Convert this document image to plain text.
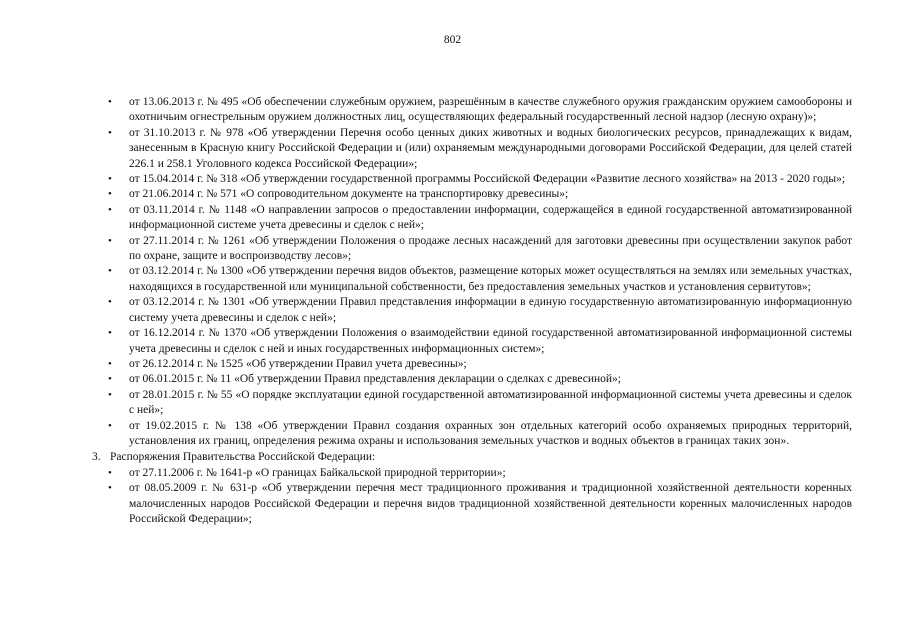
802
• от 13.06.2013 г. № 495 «Об обеспечении служебным оружием, разрешённым в качестве служебного оружия гражданским оружием самообороны и охотничьим огнестрельным оружием должностных лиц, осуществляющих федеральный государственный лесной надзор (лесную охрану)»;
• от 31.10.2013 г. № 978 «Об утверждении Перечня особо ценных диких животных и водных биологических ресурсов, принадлежащих к видам, занесенным в Красную книгу Российской Федерации и (или) охраняемым международными договорами Российской Федерации, для целей статей 226.1 и 258.1 Уголовного кодекса Российской Федерации»;
• от 15.04.2014 г. № 318 «Об утверждении государственной программы Российской Федерации «Развитие лесного хозяйства» на 2013 - 2020 годы»;
• от 21.06.2014 г. № 571 «О сопроводительном документе на транспортировку древесины»;
• от 03.11.2014 г. № 1148 «О направлении запросов о предоставлении информации, содержащейся в единой государственной автоматизированной информационной системе учета древесины и сделок с ней»;
• от 27.11.2014 г. № 1261 «Об утверждении Положения о продаже лесных насаждений для заготовки древесины при осуществлении закупок работ по охране, защите и воспроизводству лесов»;
• от 03.12.2014 г. № 1300 «Об утверждении перечня видов объектов, размещение которых может осуществляться на землях или земельных участках, находящихся в государственной или муниципальной собственности, без предоставления земельных участков и установления сервитутов»;
• от 03.12.2014 г. № 1301 «Об утверждении Правил представления информации в единую государственную автоматизированную информационную систему учета древесины и сделок с ней»;
• от 16.12.2014 г. № 1370 «Об утверждении Положения о взаимодействии единой государственной автоматизированной информационной системы учета древесины и сделок с ней и иных государственных информационных систем»;
• от 26.12.2014 г. № 1525 «Об утверждении Правил учета древесины»;
• от 06.01.2015 г. № 11 «Об утверждении Правил представления декларации о сделках с древесиной»;
• от 28.01.2015 г. № 55 «О порядке эксплуатации единой государственной автоматизированной информационной системы учета древесины и сделок с ней»;
• от 19.02.2015 г. № 138 «Об утверждении Правил создания охранных зон отдельных категорий особо охраняемых природных территорий, установления их границ, определения режима охраны и использования земельных участков и водных объектов в границах таких зон».
3. Распоряжения Правительства Российской Федерации:
• от 27.11.2006 г. № 1641-р «О границах Байкальской природной территории»;
• от 08.05.2009 г. № 631-р «Об утверждении перечня мест традиционного проживания и традиционной хозяйственной деятельности коренных малочисленных народов Российской Федерации и перечня видов традиционной хозяйственной деятельности коренных малочисленных народов Российской Федерации»;
